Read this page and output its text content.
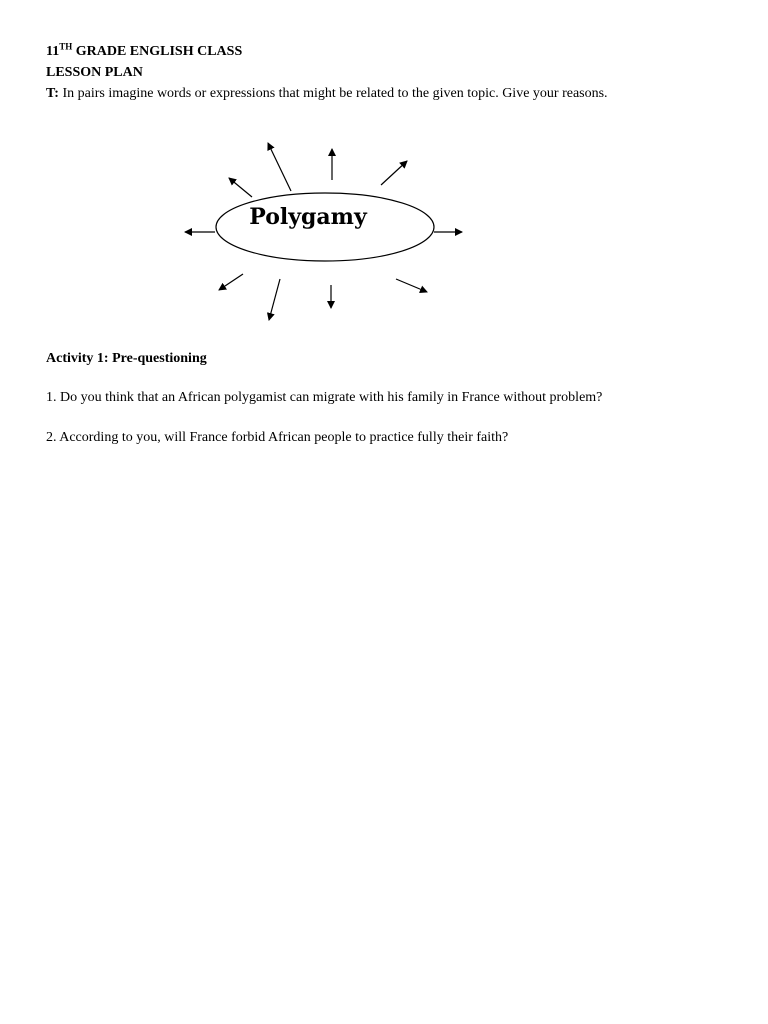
11TH GRADE ENGLISH CLASS
LESSON PLAN
T: In pairs imagine words or expressions that might be related to the given topic. Give your reasons.
Polygamy
Activity 1: Pre-questioning
1. Do you think that an African polygamist can migrate with his family in France without problem?
2. According to you, will France forbid African people to practice fully their faith?
